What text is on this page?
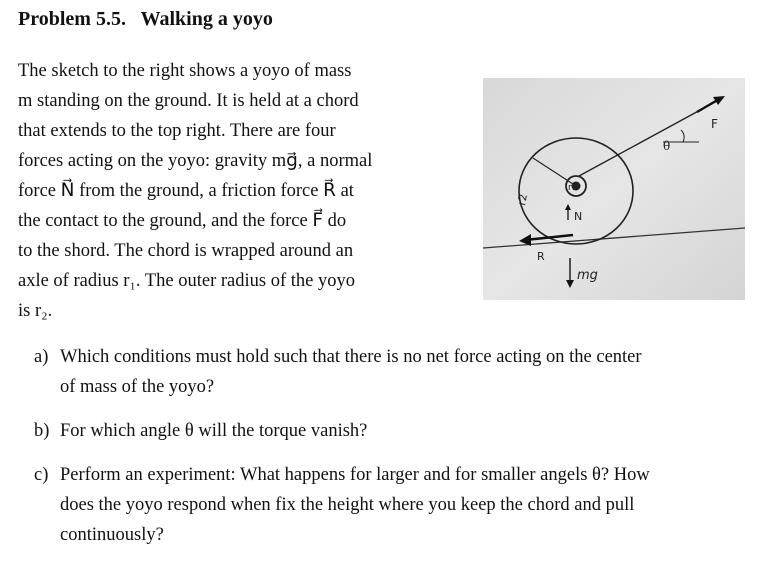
Problem 5.5. Walking a yoyo
The sketch to the right shows a yoyo of mass
m standing on the ground. It is held at a chord
that extends to the top right. There are four
forces acting on the yoyo: gravity mg⃗, a normal
force N⃗ from the ground, a friction force R⃗ at
the contact to the ground, and the force F⃗ do
to the shord. The chord is wrapped around an
axle of radius r₁. The outer radius of the yoyo
is r₂.
r2
r1
N
R
mg
θ
F
a) Which conditions must hold such that there is no net force acting on the center
of mass of the yoyo?
b) For which angle θ will the torque vanish?
c) Perform an experiment: What happens for larger and for smaller angels θ? How
does the yoyo respond when fix the height where you keep the chord and pull
continuously?
